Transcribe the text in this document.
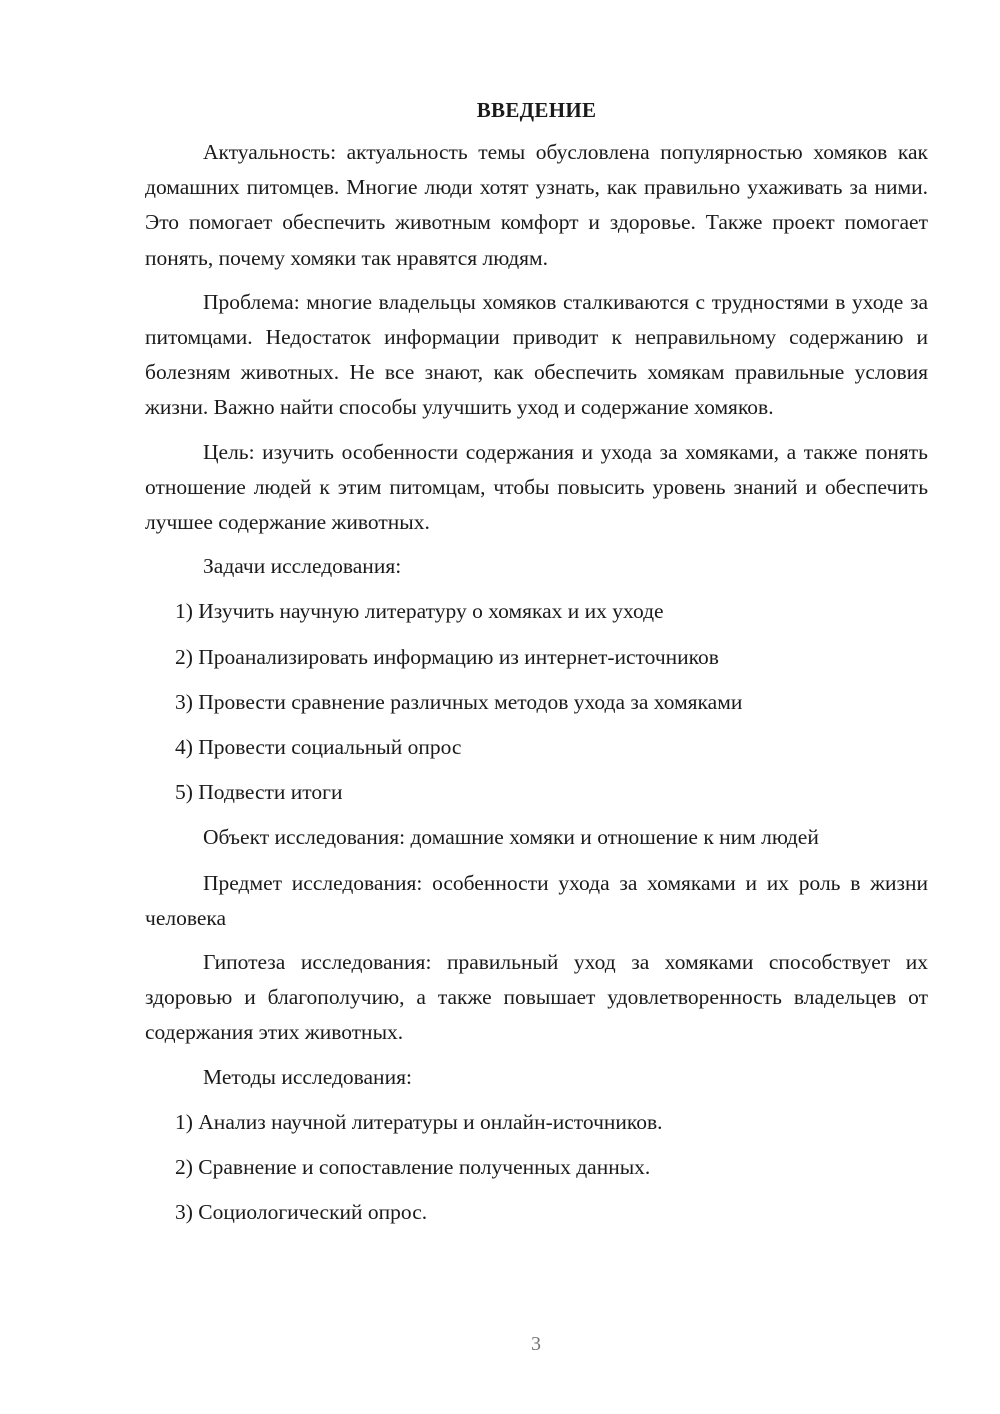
ВВЕДЕНИЕ

Актуальность: актуальность темы обусловлена популярностью хомяков как домашних питомцев. Многие люди хотят узнать, как правильно ухаживать за ними. Это помогает обеспечить животным комфорт и здоровье. Также проект помогает понять, почему хомяки так нравятся людям.

Проблема: многие владельцы хомяков сталкиваются с трудностями в уходе за питомцами. Недостаток информации приводит к неправильному содержанию и болезням животных. Не все знают, как обеспечить хомякам правильные условия жизни. Важно найти способы улучшить уход и содержание хомяков.

Цель: изучить особенности содержания и ухода за хомяками, а также понять отношение людей к этим питомцам, чтобы повысить уровень знаний и обеспечить лучшее содержание животных.

Задачи исследования:
1) Изучить научную литературу о хомяках и их уходе
2) Проанализировать информацию из интернет-источников
3) Провести сравнение различных методов ухода за хомяками
4) Провести социальный опрос
5) Подвести итоги
Объект исследования: домашние хомяки и отношение к ним людей

Предмет исследования: особенности ухода за хомяками и их роль в жизни человека

Гипотеза исследования: правильный уход за хомяками способствует их здоровью и благополучию, а также повышает удовлетворенность владельцев от содержания этих животных.

Методы исследования:
1) Анализ научной литературы и онлайн-источников.
2) Сравнение и сопоставление полученных данных.
3) Социологический опрос.
3
